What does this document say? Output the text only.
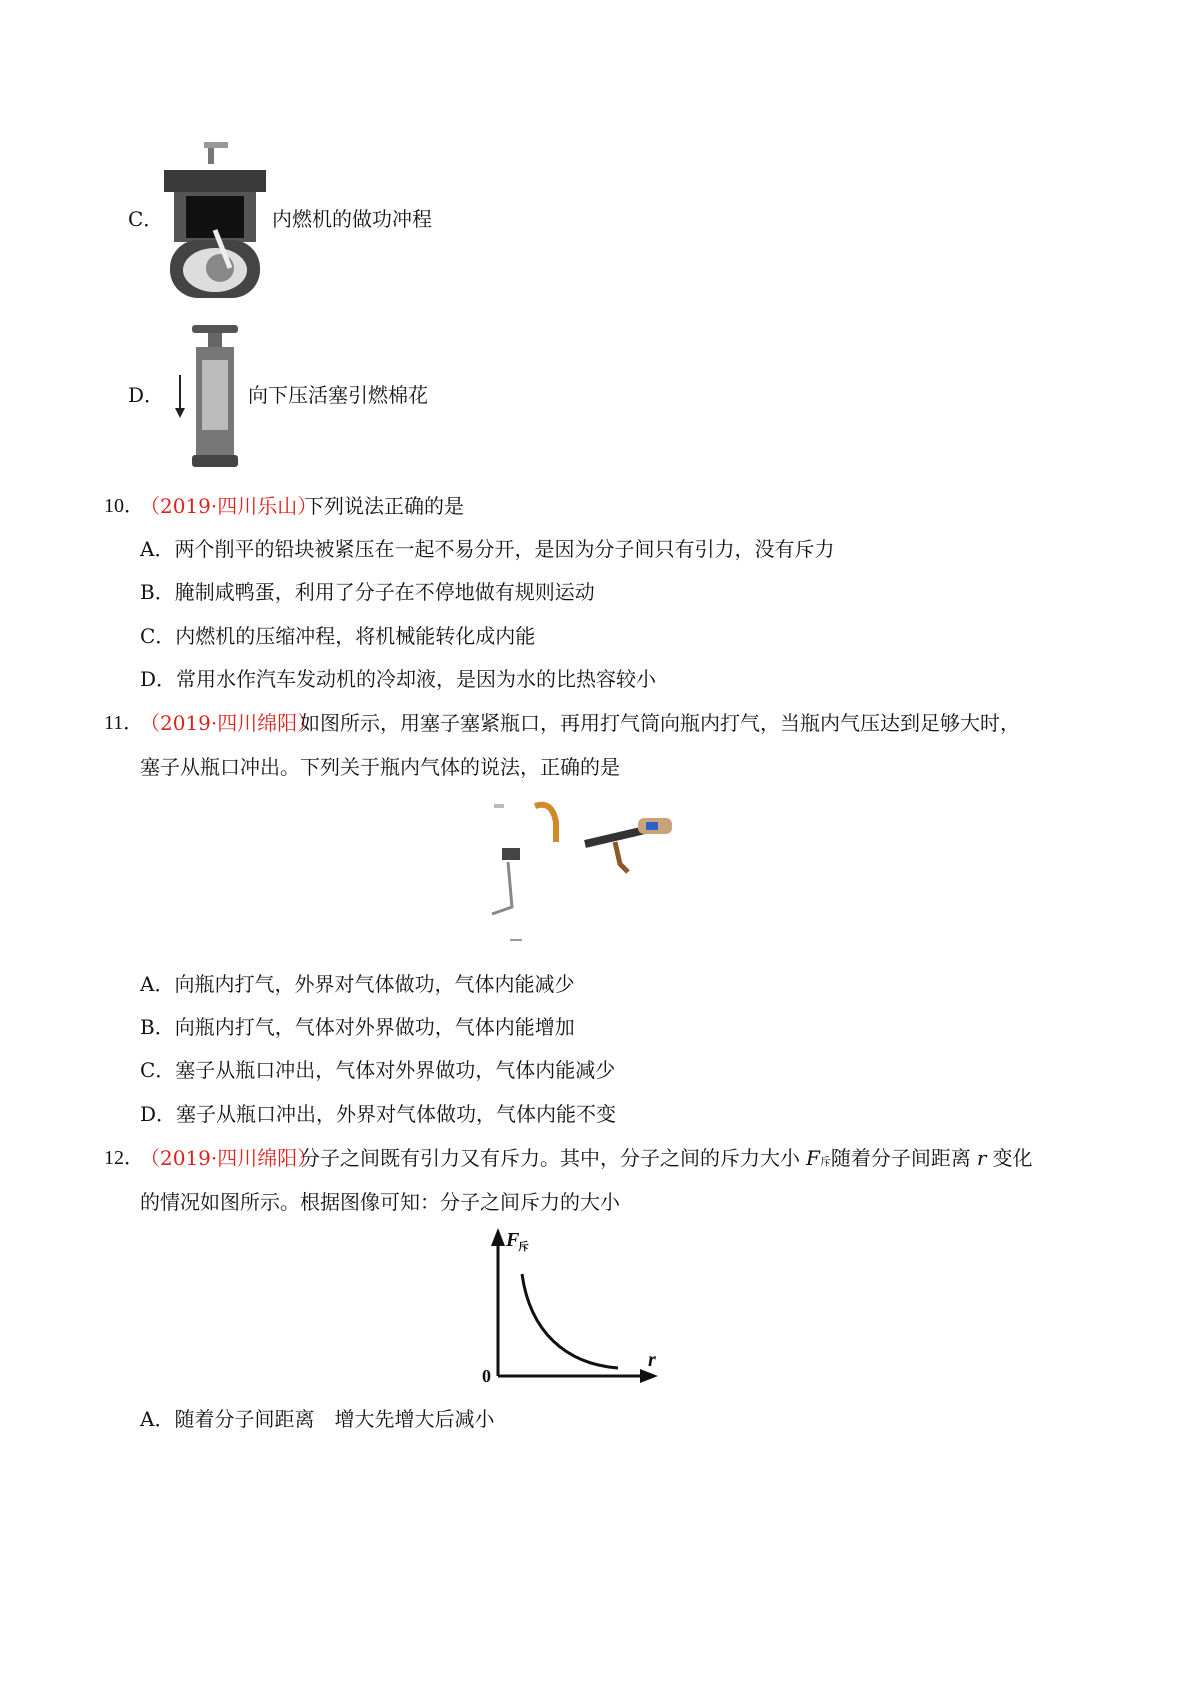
C．	内燃机的做功冲程
D．	向下压活塞引燃棉花
10．
（2019·四川乐山）
下列说法正确的是
A．两个削平的铅块被紧压在一起不易分开，是因为分子间只有引力，没有斥力
B．腌制咸鸭蛋，利用了分子在不停地做有规则运动
C．内燃机的压缩冲程，将机械能转化成内能
D．常用水作汽车发动机的冷却液，是因为水的比热容较小
11．
（2019·四川绵阳）
如图所示，用塞子塞紧瓶口，再用打气筒向瓶内打气，当瓶内气压达到足够大时，
塞子从瓶口冲出。下列关于瓶内气体的说法，正确的是
A．向瓶内打气，外界对气体做功，气体内能减少
B．向瓶内打气，气体对外界做功，气体内能增加
C．塞子从瓶口冲出，气体对外界做功，气体内能减少
D．塞子从瓶口冲出，外界对气体做功，气体内能不变
12．
（2019·四川绵阳）
分子之间既有引力又有斥力。其中，分子之间的斥力大小 F斥随着分子间距离 r 变化
的情况如图所示。根据图像可知：分子之间斥力的大小
F
斥
r
0
A．随着分子间距离　增大先增大后减小
